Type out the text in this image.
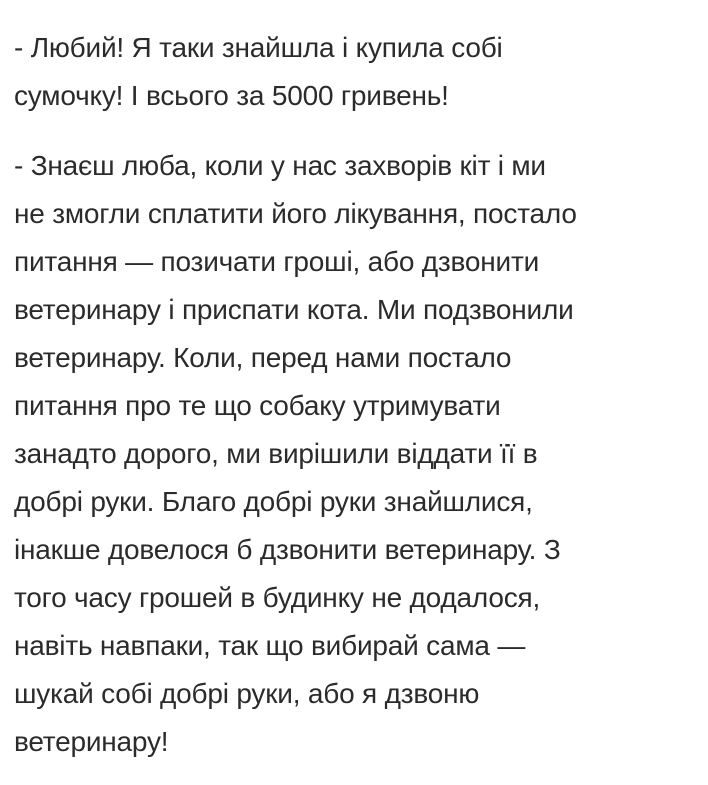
- Любий! Я таки знайшла і купила собі
сумочку! І всього за 5000 гривень!

- Знаєш люба, коли у нас захворів кіт і ми
не змогли сплатити його лікування, постало
питання — позичати гроші, або дзвонити
ветеринару і приспати кота. Ми подзвонили
ветеринару. Коли, перед нами постало
питання про те що собаку утримувати
занадто дорого, ми вирішили віддати її в
добрі руки. Благо добрі руки знайшлися,
інакше довелося б дзвонити ветеринару. З
того часу грошей в будинку не додалося,
навіть навпаки, так що вибирай сама —
шукай собі добрі руки, або я дзвоню
ветеринару!
